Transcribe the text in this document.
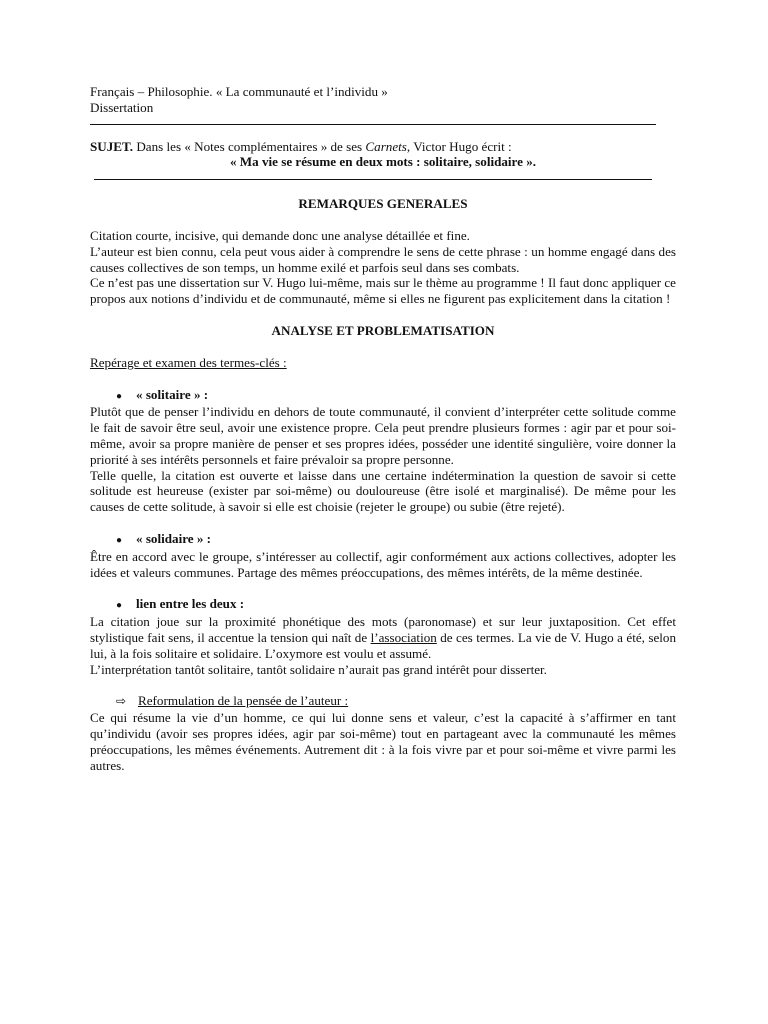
Français – Philosophie. « La communauté et l’individu »
Dissertation
SUJET. Dans les « Notes complémentaires » de ses Carnets, Victor Hugo écrit :
« Ma vie se résume en deux mots : solitaire, solidaire ».

REMARQUES GENERALES

Citation courte, incisive, qui demande donc une analyse détaillée et fine.

L’auteur est bien connu, cela peut vous aider à comprendre le sens de cette phrase : un homme engagé dans des causes collectives de son temps, un homme exilé et parfois seul dans ses combats.

Ce n’est pas une dissertation sur V. Hugo lui-même, mais sur le thème au programme ! Il faut donc appliquer ce propos aux notions d’individu et de communauté, même si elles ne figurent pas explicitement dans la citation !

ANALYSE ET PROBLEMATISATION

Repérage et examen des termes-clés :
●	« solitaire » :

Plutôt que de penser l’individu en dehors de toute communauté, il convient d’interpréter cette solitude comme le fait de savoir être seul, avoir une existence propre. Cela peut prendre plusieurs formes : agir par et pour soi-même, avoir sa propre manière de penser et ses propres idées, posséder une identité singulière, voire donner la priorité à ses intérêts personnels et faire prévaloir sa propre personne.

Telle quelle, la citation est ouverte et laisse dans une certaine indétermination la question de savoir si cette solitude est heureuse (exister par soi-même) ou douloureuse (être isolé et marginalisé). De même pour les causes de cette solitude, à savoir si elle est choisie (rejeter le groupe) ou subie (être rejeté).

●	« solidaire » :

Être en accord avec le groupe, s’intéresser au collectif, agir conformément aux actions collectives, adopter les idées et valeurs communes. Partage des mêmes préoccupations, des mêmes intérêts, de la même destinée.

●	lien entre les deux :

La citation joue sur la proximité phonétique des mots (paronomase) et sur leur juxtaposition. Cet effet stylistique fait sens, il accentue la tension qui naît de l’association de ces termes. La vie de V. Hugo a été, selon lui, à la fois solitaire et solidaire. L’oxymore est voulu et assumé.

L’interprétation tantôt solitaire, tantôt solidaire n’aurait pas grand intérêt pour disserter.

⇨ Reformulation de la pensée de l’auteur :

Ce qui résume la vie d’un homme, ce qui lui donne sens et valeur, c’est la capacité à s’affirmer en tant qu’individu (avoir ses propres idées, agir par soi-même) tout en partageant avec la communauté les mêmes préoccupations, les mêmes événements. Autrement dit : à la fois vivre par et pour soi-même et vivre parmi les autres.
